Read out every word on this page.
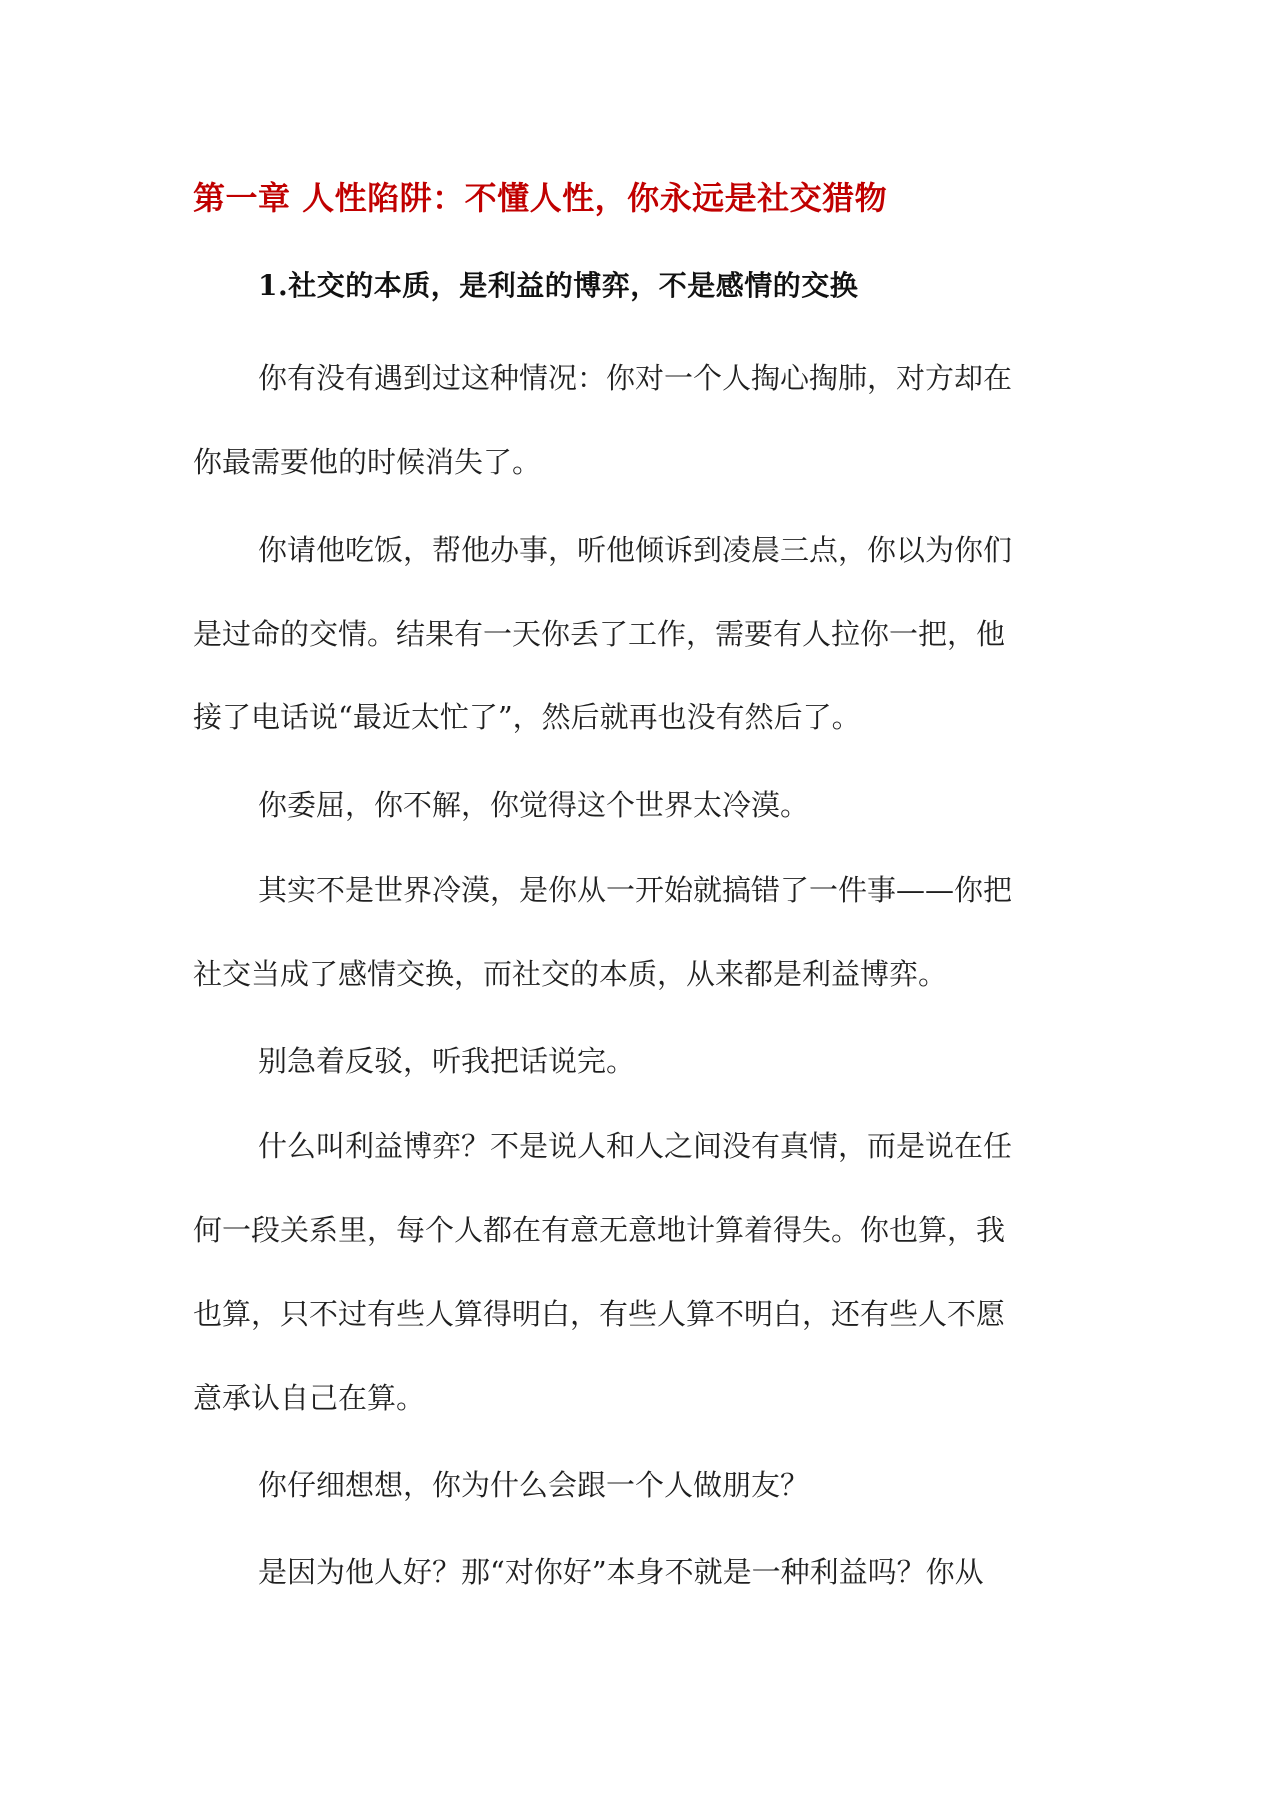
第一章 人性陷阱：不懂人性，你永远是社交猎物
1.社交的本质，是利益的博弈，不是感情的交换
你有没有遇到过这种情况：你对一个人掏心掏肺，对方却在
你最需要他的时候消失了。
你请他吃饭，帮他办事，听他倾诉到凌晨三点，你以为你们
是过命的交情。结果有一天你丢了工作，需要有人拉你一把，他
接了电话说“最近太忙了”，然后就再也没有然后了。
你委屈，你不解，你觉得这个世界太冷漠。
其实不是世界冷漠，是你从一开始就搞错了一件事——你把
社交当成了感情交换，而社交的本质，从来都是利益博弈。
别急着反驳，听我把话说完。
什么叫利益博弈？不是说人和人之间没有真情，而是说在任
何一段关系里，每个人都在有意无意地计算着得失。你也算，我
也算，只不过有些人算得明白，有些人算不明白，还有些人不愿
意承认自己在算。
你仔细想想，你为什么会跟一个人做朋友？
是因为他人好？那“对你好”本身不就是一种利益吗？你从
